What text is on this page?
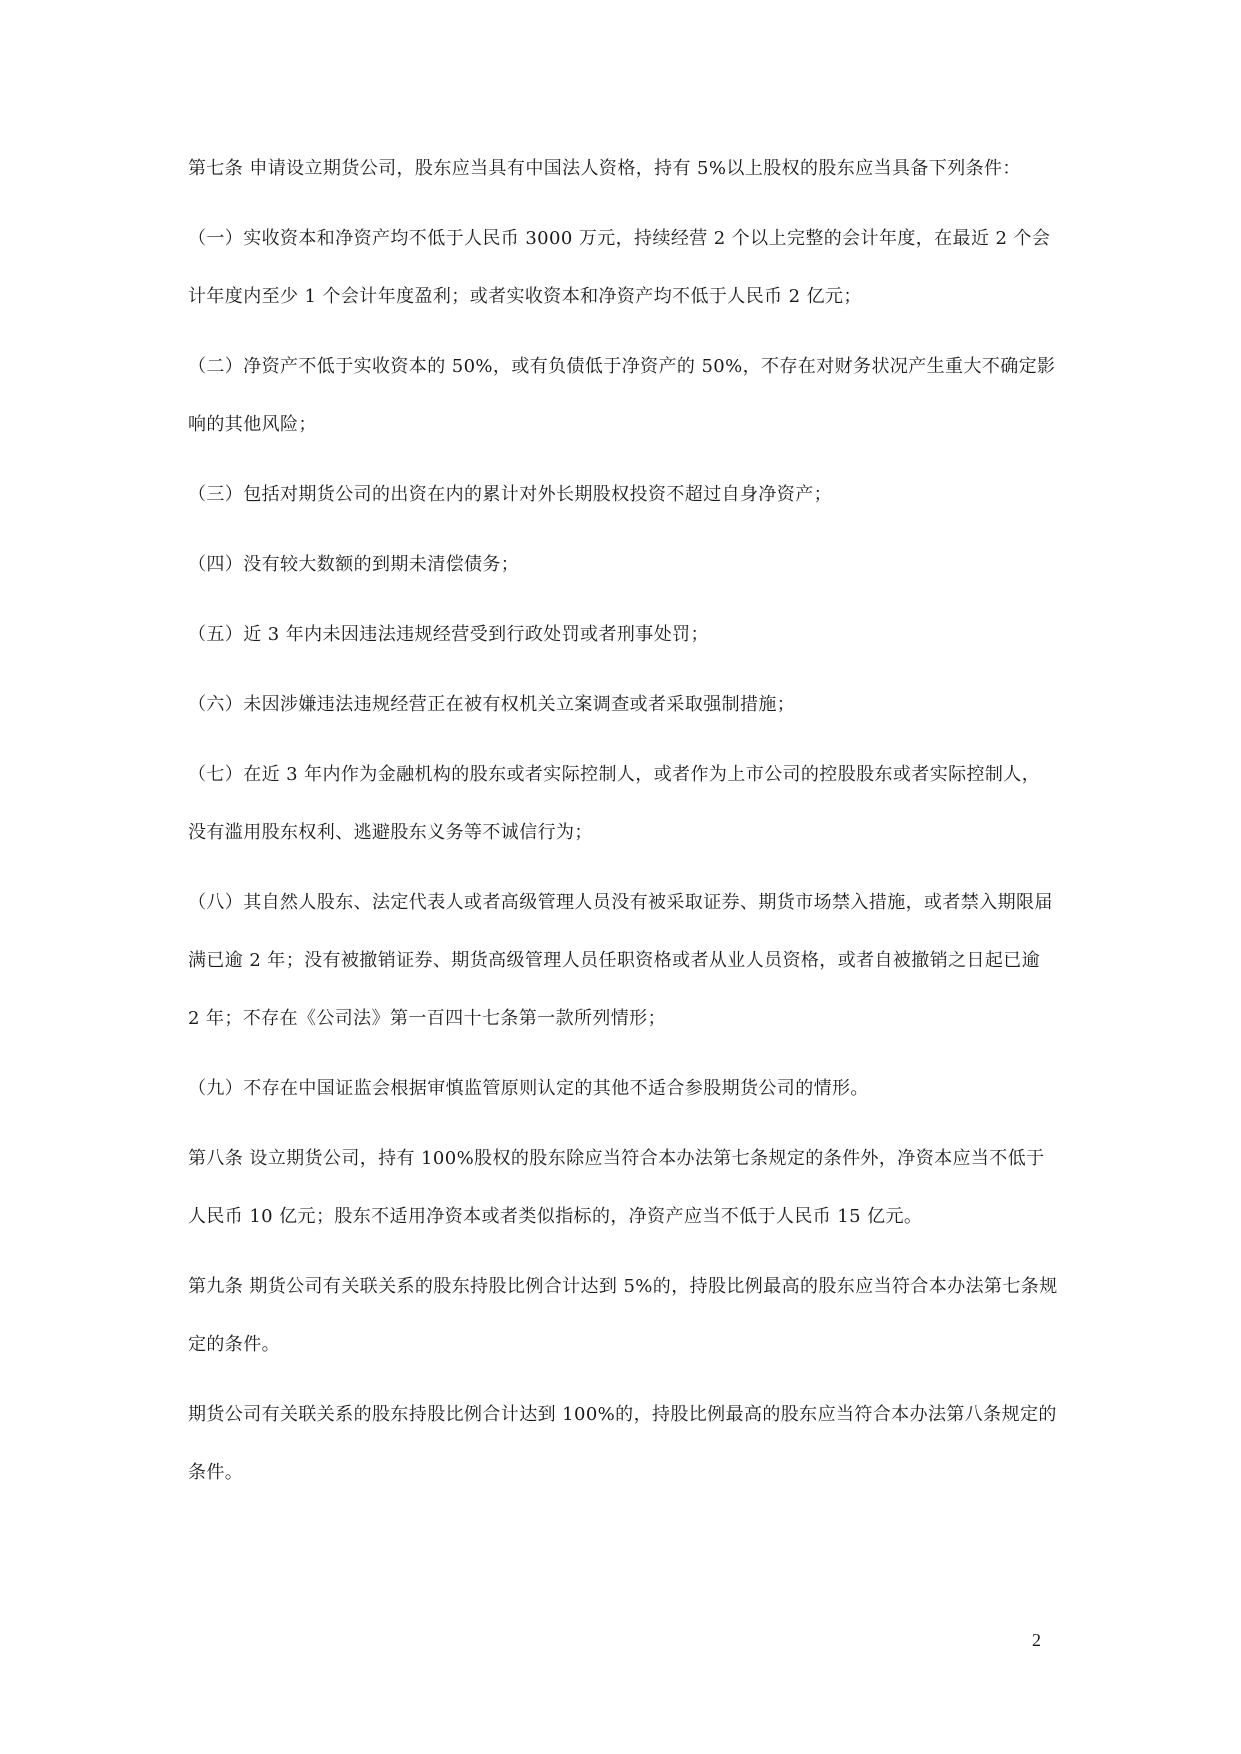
第七条 申请设立期货公司，股东应当具有中国法人资格，持有 5%以上股权的股东应当具备下列条件：

（一）实收资本和净资产均不低于人民币 3000 万元，持续经营 2 个以上完整的会计年度，在最近 2 个会计年度内至少 1 个会计年度盈利；或者实收资本和净资产均不低于人民币 2 亿元；

（二）净资产不低于实收资本的 50%，或有负债低于净资产的 50%，不存在对财务状况产生重大不确定影响的其他风险；

（三）包括对期货公司的出资在内的累计对外长期股权投资不超过自身净资产；

（四）没有较大数额的到期未清偿债务；

（五）近 3 年内未因违法违规经营受到行政处罚或者刑事处罚；

（六）未因涉嫌违法违规经营正在被有权机关立案调查或者采取强制措施；

（七）在近 3 年内作为金融机构的股东或者实际控制人，或者作为上市公司的控股股东或者实际控制人，没有滥用股东权利、逃避股东义务等不诚信行为；

（八）其自然人股东、法定代表人或者高级管理人员没有被采取证券、期货市场禁入措施，或者禁入期限届满已逾 2 年；没有被撤销证券、期货高级管理人员任职资格或者从业人员资格，或者自被撤销之日起已逾 2 年；不存在《公司法》第一百四十七条第一款所列情形；

（九）不存在中国证监会根据审慎监管原则认定的其他不适合参股期货公司的情形。

第八条 设立期货公司，持有 100%股权的股东除应当符合本办法第七条规定的条件外，净资本应当不低于人民币 10 亿元；股东不适用净资本或者类似指标的，净资产应当不低于人民币 15 亿元。

第九条 期货公司有关联关系的股东持股比例合计达到 5%的，持股比例最高的股东应当符合本办法第七条规定的条件。

期货公司有关联关系的股东持股比例合计达到 100%的，持股比例最高的股东应当符合本办法第八条规定的条件。

2
